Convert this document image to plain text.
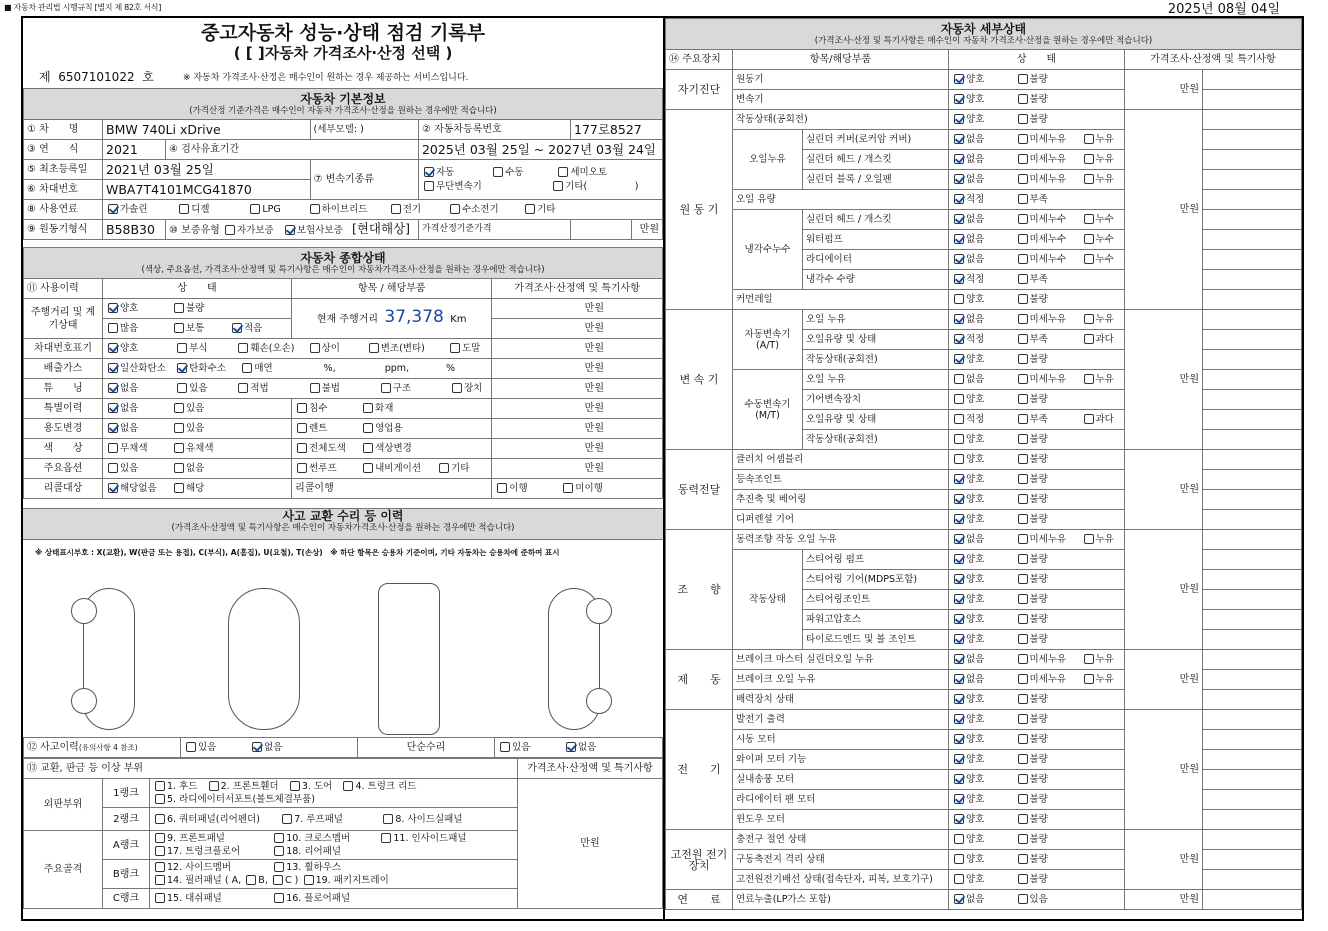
■ 자동차 관리법 시행규칙 [별지 제 82호 서식]	2025년 08월 04일
중고자동차 성능·상태 점검 기록부
( [ ]자동차 가격조사·산정 선택 )
제 6507101022 호	※ 자동차 가격조사·산정은 매수인이 원하는 경우 제공하는 서비스입니다.
자동차 기본정보
(가격산정 기준가격은 매수인이 자동차 가격조사·산정을 원하는 경우에만 적습니다)						

① 차　　명	BMW 740Li xDrive		(세부모델: )	② 자동차등록번호	177로8527	
③ 연　　식	2021	④ 검사유효기간		2025년 03월 25일 ~ 2027년 03월 24일		
⑤ 최초등록일	2021년 03월 25일		⑦ 변속기종류	자동 수동 세미오토
무단변속기 기타(　　　　　)		
⑥ 차대번호	WBA7T4101MCG41870					
⑧ 사용연료	가솔린 디젤 LPG 하이브리드 전기 수소전기 기타					
⑨ 원동기형식	B58B30	⑩ 보증유형 자가보증 보험사보증 [현대해상]		가격산정기준가격		만원
자동차 종합상태
(색상, 주요옵션, 가격조사·산정액 및 특기사항은 매수인이 자동차가격조사·산정을 원하는 경우에만 적습니다)			

⑪ 사용이력	상　　태	항목 / 해당부품	가격조사·산정액 및 특기사항
주행거리 및 계기상태	양호 불량	현재 주행거리 37,378 Km	만원
	많음 보통 적음		만원
차대번호표기	양호 부식 훼손(오손) 상이 변조(변타) 도말		만원
배출가스	일산화탄소 탄화수소 매연 %, ppm, %		만원
튜　　닝	없음 있음 적법 불법 구조 장치		만원
특별이력	없음 있음	침수 화재	만원
용도변경	없음 있음	렌트 영업용	만원
색　　상	무채색 유채색	전체도색 색상변경	만원
주요옵션	있음 없음	썬루프 내비게이션 기타	만원
리콜대상	해당없음 해당	리콜이행	이행 미이행
사고 교환 수리 등 이력
(가격조사·산정액 및 특기사항은 매수인이 자동차가격조사·산정을 원하는 경우에만 적습니다)
※ 상태표시부호 : X(교환), W(판금 또는 용접), C(부식), A(흠집), U(요철), T(손상)　※ 하단 항목은 승용차 기준이며, 기타 자동차는 승용차에 준하여 표시
⑫ 사고이력(유의사항 4 참조)	있음	없음	단순수리	있음	없음
⑬ 교환, 판금 등 이상 부위			가격조사·산정액 및 특기사항
외판부위	1랭크	1. 후드 2. 프론트휀더 3. 도어 4. 트렁크 리드
5. 라디에이터서포트(볼트체결부품)	만원
	2랭크	6. 쿼터패널(리어펜더) 7. 루프패널 8. 사이드실패널	
주요골격	A랭크	9. 프론트패널 10. 크로스멤버 11. 인사이드패널
17. 트렁크플로어 18. 리어패널	
	B랭크	12. 사이드멤버 13. 휠하우스
14. 필러패널 ( A, B, C ) 19. 패키지트레이	
	C랭크	15. 대쉬패널 16. 플로어패널	
자동차 세부상태
(가격조사·산정 및 특기사항은 매수인이 자동차 가격조사·산정을 원하는 경우에만 적습니다)							

⑭ 주요장치	항목/해당부품		상　　태			가격조사·산정액 및 특기사항	
자기진단	원동기		양호	불량		만원	
	변속기		양호	불량			
원 동 기	작동상태(공회전)		양호	불량		만원	
	오일누유	실린더 커버(로커암 커버)	없음	미세누유	누유		
		실린더 헤드 / 개스킷	없음	미세누유	누유		
		실린더 블록 / 오일팬	없음	미세누유	누유		
	오일 유량		적정	부족			
	냉각수누수	실린더 헤드 / 개스킷	없음	미세누수	누수		
		워터펌프	없음	미세누수	누수		
		라디에이터	없음	미세누수	누수		
		냉각수 수량	적정	부족			
	커먼레일		양호	불량			
변 속 기	자동변속기 (A/T)	오일 누유	없음	미세누유	누유	만원	
		오일유량 및 상태	적정	부족	과다		
		작동상태(공회전)	양호	불량			
	수동변속기 (M/T)	오일 누유	없음	미세누유	누유		
		기어변속장치	양호	불량			
		오일유량 및 상태	적정	부족	과다		
		작동상태(공회전)	양호	불량			
동력전달	클러치 어셈블리		양호	불량		만원	
	등속조인트		양호	불량			
	추진축 및 베어링		양호	불량			
	디퍼렌셜 기어		양호	불량			
조　　향	동력조향 작동 오일 누유		없음	미세누유	누유	만원	
	작동상태	스티어링 펌프	양호	불량			
		스티어링 기어(MDPS포함)	양호	불량			
		스티어링조인트	양호	불량			
		파워고압호스	양호	불량			
		타이로드엔드 및 볼 조인트	양호	불량			
제　　동	브레이크 마스터 실린더오일 누유		없음	미세누유	누유	만원	
	브레이크 오일 누유		없음	미세누유	누유		
	배력장치 상태		양호	불량			
전　　기	발전기 출력		양호	불량		만원	
	시동 모터		양호	불량			
	와이퍼 모터 기능		양호	불량			
	실내송풍 모터		양호	불량			
	라디에이터 팬 모터		양호	불량			
	윈도우 모터		양호	불량			
고전원 전기장치	충전구 절연 상태		양호	불량		만원	
	구동축전지 격리 상태		양호	불량			
	고전원전기배선 상태(접속단자, 피복, 보호기구)		양호	불량			
연　　료	연료누출(LP가스 포함)		없음	있음		만원	
